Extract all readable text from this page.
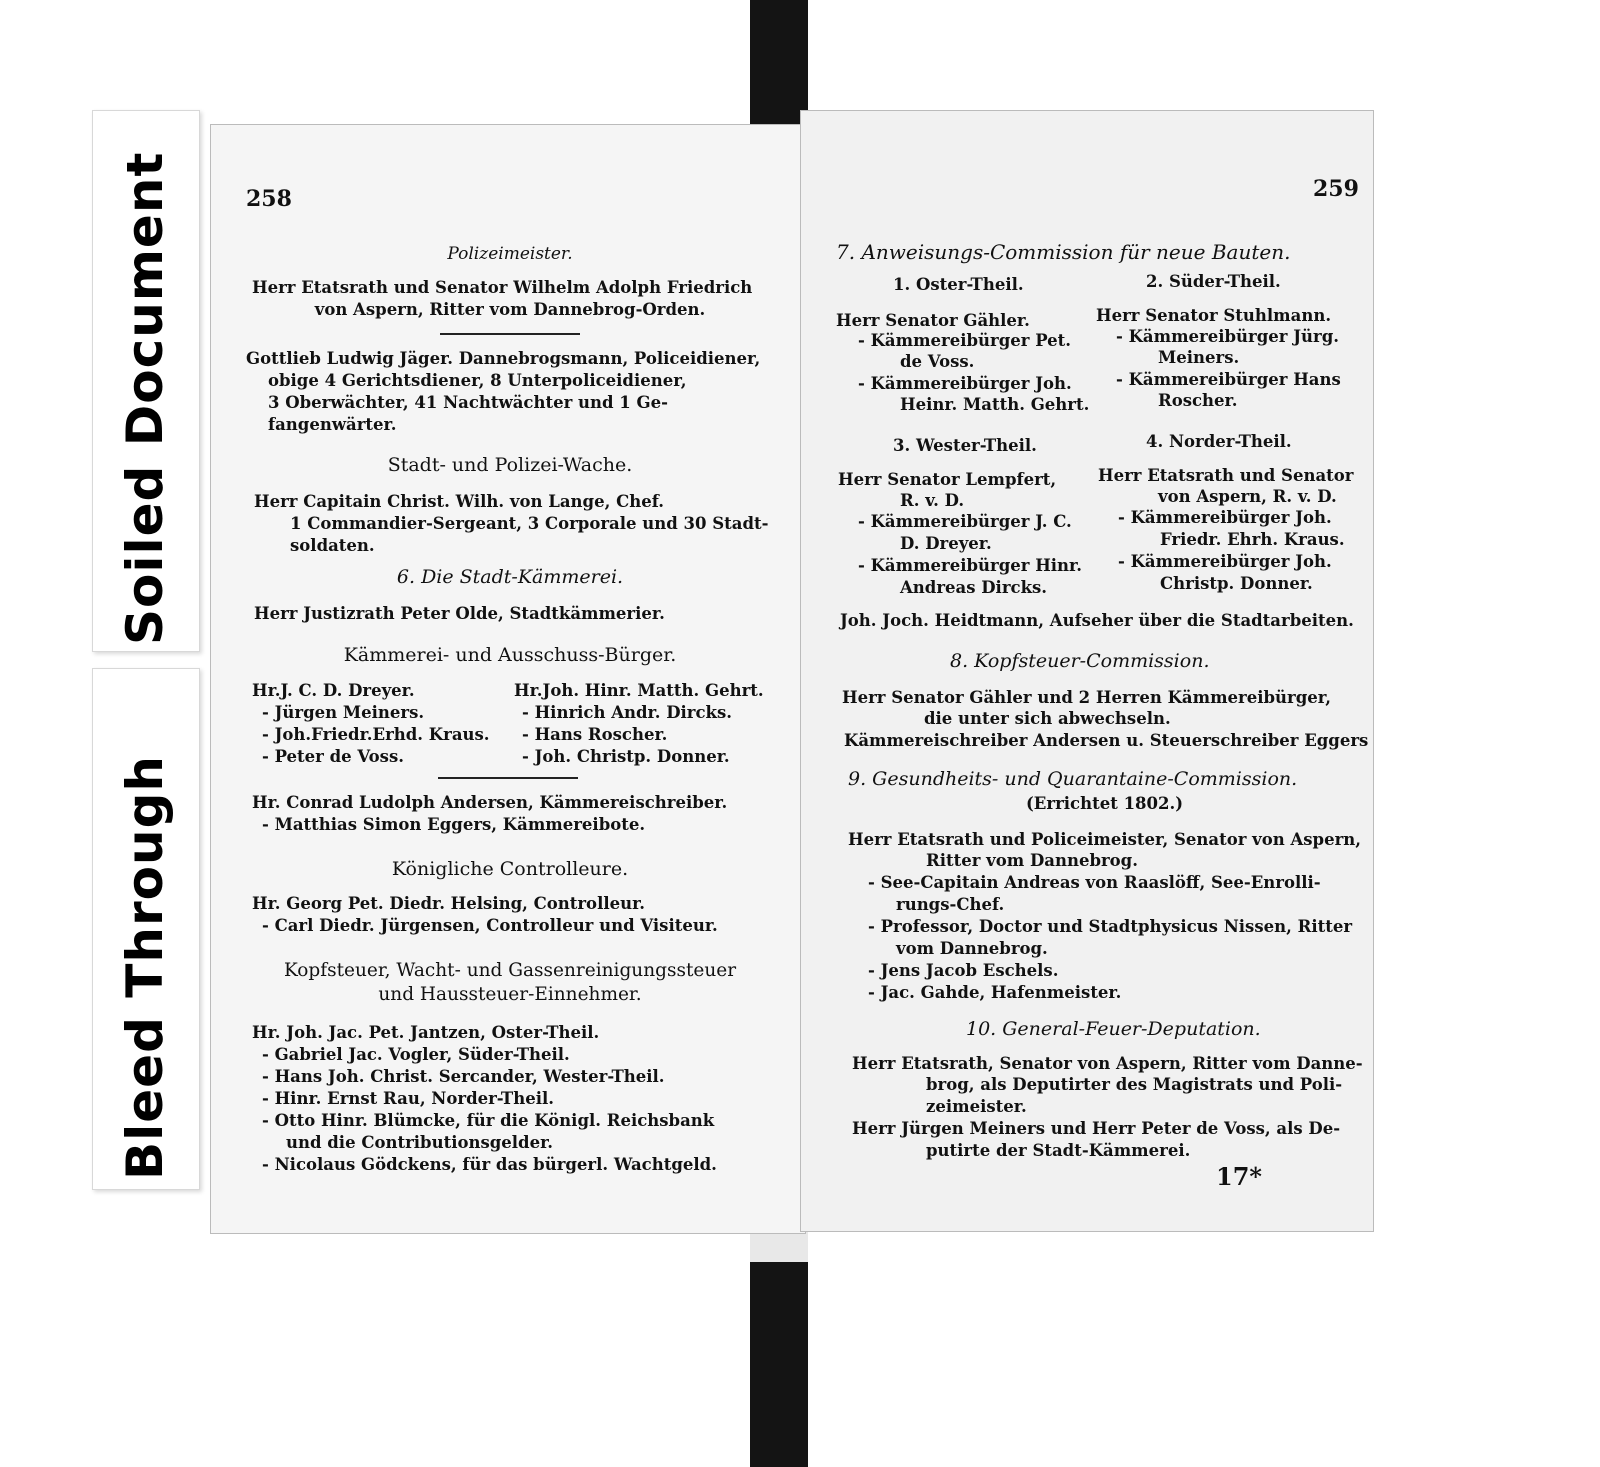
Soiled Document
Bleed Through
258
Polizeimeister.
Herr Etatsrath und Senator Wilhelm Adolph Friedrich
von Aspern, Ritter vom Dannebrog-Orden.
Gottlieb Ludwig Jäger. Dannebrogsmann, Policeidiener,
obige 4 Gerichtsdiener, 8 Unterpoliceidiener,
3 Oberwächter, 41 Nachtwächter und 1 Ge-
fangenwärter.
Stadt- und Polizei-Wache.
Herr Capitain Christ. Wilh. von Lange, Chef.
1 Commandier-Sergeant, 3 Corporale und 30 Stadt-
soldaten.
6. Die Stadt-Kämmerei.
Herr Justizrath Peter Olde, Stadtkämmerier.
Kämmerei- und Ausschuss-Bürger.
Hr.J. C. D. Dreyer.
- Jürgen Meiners.
- Joh.Friedr.Erhd. Kraus.
- Peter de Voss.
Hr.Joh. Hinr. Matth. Gehrt.
- Hinrich Andr. Dircks.
- Hans Roscher.
- Joh. Christp. Donner.
Hr. Conrad Ludolph Andersen, Kämmereischreiber.
- Matthias Simon Eggers, Kämmereibote.
Königliche Controlleure.
Hr. Georg Pet. Diedr. Helsing, Controlleur.
- Carl Diedr. Jürgensen, Controlleur und Visiteur.
Kopfsteuer, Wacht- und Gassenreinigungssteuer
und Haussteuer-Einnehmer.
Hr. Joh. Jac. Pet. Jantzen, Oster-Theil.
- Gabriel Jac. Vogler, Süder-Theil.
- Hans Joh. Christ. Sercander, Wester-Theil.
- Hinr. Ernst Rau, Norder-Theil.
- Otto Hinr. Blümcke, für die Königl. Reichsbank
und die Contributionsgelder.
- Nicolaus Gödckens, für das bürgerl. Wachtgeld.
259
7. Anweisungs-Commission für neue Bauten.
1. Oster-Theil.	2. Süder-Theil.
Herr Senator Gähler.
- Kämmereibürger Pet.
de Voss.
- Kämmereibürger Joh.
Heinr. Matth. Gehrt.
Herr Senator Stuhlmann.
- Kämmereibürger Jürg.
Meiners.
- Kämmereibürger Hans
Roscher.
3. Wester-Theil.	4. Norder-Theil.
Herr Senator Lempfert,
R. v. D.
- Kämmereibürger J. C.
D. Dreyer.
- Kämmereibürger Hinr.
Andreas Dircks.
Herr Etatsrath und Senator
von Aspern, R. v. D.
- Kämmereibürger Joh.
Friedr. Ehrh. Kraus.
- Kämmereibürger Joh.
Christp. Donner.
Joh. Joch. Heidtmann, Aufseher über die Stadtarbeiten.
8. Kopfsteuer-Commission.
Herr Senator Gähler und 2 Herren Kämmereibürger,
die unter sich abwechseln.
Kämmereischreiber Andersen u. Steuerschreiber Eggers
9. Gesundheits- und Quarantaine-Commission.
(Errichtet 1802.)
Herr Etatsrath und Policeimeister, Senator von Aspern,
Ritter vom Dannebrog.
- See-Capitain Andreas von Raaslöff, See-Enrolli-
rungs-Chef.
- Professor, Doctor und Stadtphysicus Nissen, Ritter
vom Dannebrog.
- Jens Jacob Eschels.
- Jac. Gahde, Hafenmeister.
10. General-Feuer-Deputation.
Herr Etatsrath, Senator von Aspern, Ritter vom Danne-
brog, als Deputirter des Magistrats und Poli-
zeimeister.
Herr Jürgen Meiners und Herr Peter de Voss, als De-
putirte der Stadt-Kämmerei.
17*
